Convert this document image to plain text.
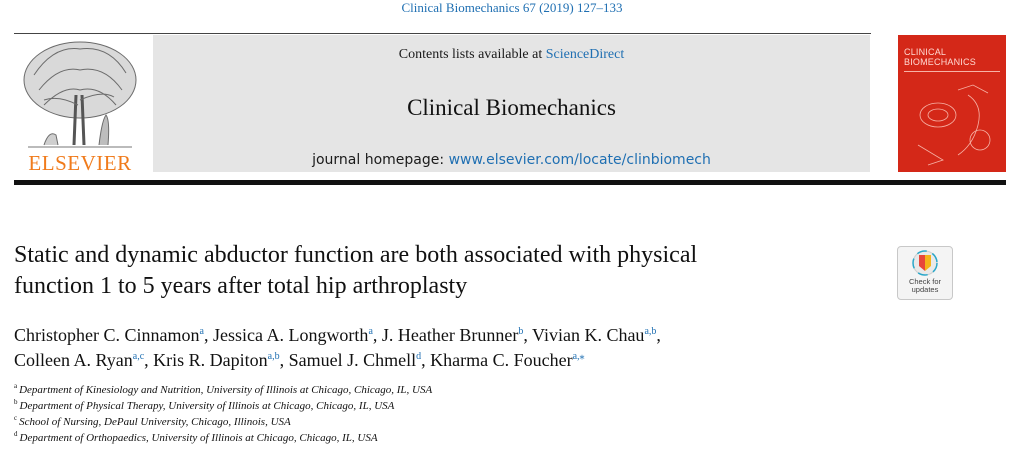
Clinical Biomechanics 67 (2019) 127–133
ELSEVIER
Contents lists available at ScienceDirect
Clinical Biomechanics
journal homepage: www.elsevier.com/locate/clinbiomech
CLINICAL
BIOMECHANICS
Static and dynamic abductor function are both associated with physical
function 1 to 5 years after total hip arthroplasty	Check for
updates
Christopher C. Cinnamon$^a$, Jessica A. Longworth$^a$, J. Heather Brunner$^b$, Vivian K. Chau$^{a,b}$,
Colleen A. Ryan$^{a,c}$, Kris R. Dapiton$^{a,b}$, Samuel J. Chmell$^d$, Kharma C. Foucher$^{a,⁎}$
$^a$ Department of Kinesiology and Nutrition, University of Illinois at Chicago, Chicago, IL, USA
$^b$ Department of Physical Therapy, University of Illinois at Chicago, Chicago, IL, USA
$^c$ School of Nursing, DePaul University, Chicago, Illinois, USA
$^d$ Department of Orthopaedics, University of Illinois at Chicago, Chicago, IL, USA
